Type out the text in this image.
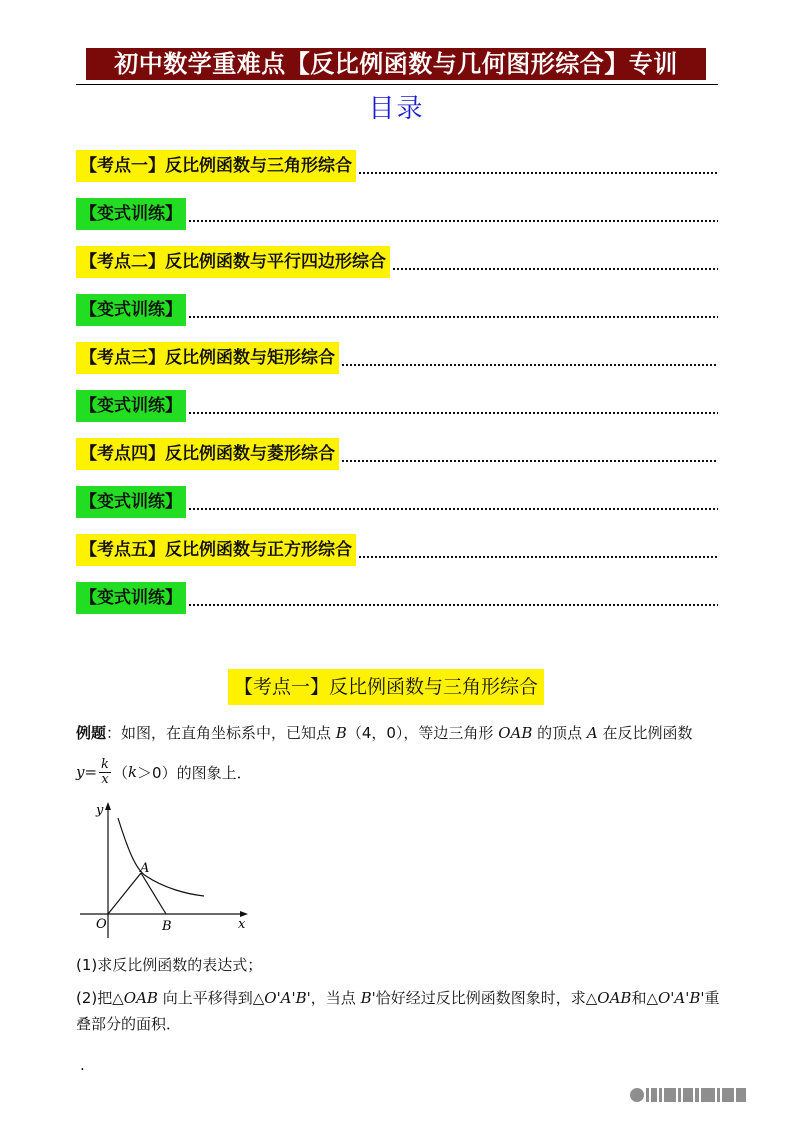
初中数学重难点【反比例函数与几何图形综合】专训
目录
【考点一】反比例函数与三角形综合
【变式训练】
【考点二】反比例函数与平行四边形综合
【变式训练】
【考点三】反比例函数与矩形综合
【变式训练】
【考点四】反比例函数与菱形综合
【变式训练】
【考点五】反比例函数与正方形综合
【变式训练】
【考点一】反比例函数与三角形综合
例题：如图，在直角坐标系中，已知点 B（4，0），等边三角形 OAB 的顶点 A 在反比例函数
$y= \frac{k}{x}$ （ k ＞0）的图象上．
y
x
O
A
B
(1)求反比例函数的表达式；
(2)把△OAB 向上平移得到△O'A'B'，当点 B'恰好经过反比例函数图象时，求△OAB和△O'A'B'重叠部分的面积．
.
